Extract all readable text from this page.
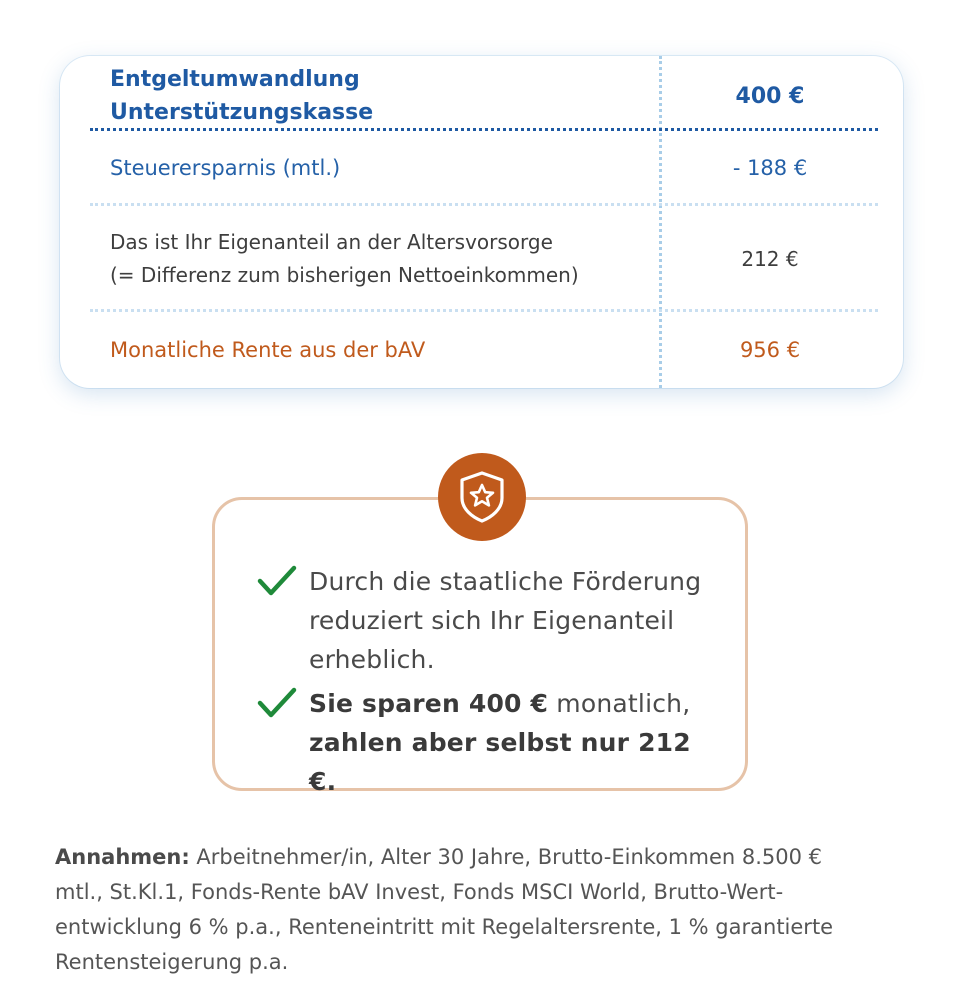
Entgeltumwandlung Unterstützungskasse
400 €
Steuerersparnis (mtl.)	- 188 €
Das ist Ihr Eigenanteil an der Altersvorsorge
(= Differenz zum bisherigen Nettoeinkommen)
212 €
Monatliche Rente aus der bAV	956 €
Durch die staatliche Förderung
reduziert sich Ihr Eigenanteil
erheblich.
Sie sparen 400 € monatlich,
zahlen aber selbst nur 212 €.
Annahmen: Arbeitnehmer/in, Alter 30 Jahre, Brutto-Einkommen 8.500 €
mtl., St.Kl.1, Fonds-Rente bAV Invest, Fonds MSCI World, Brutto-Wert-
entwicklung 6 % p.a., Renteneintritt mit Regelaltersrente, 1 % garantierte
Rentensteigerung p.a.
